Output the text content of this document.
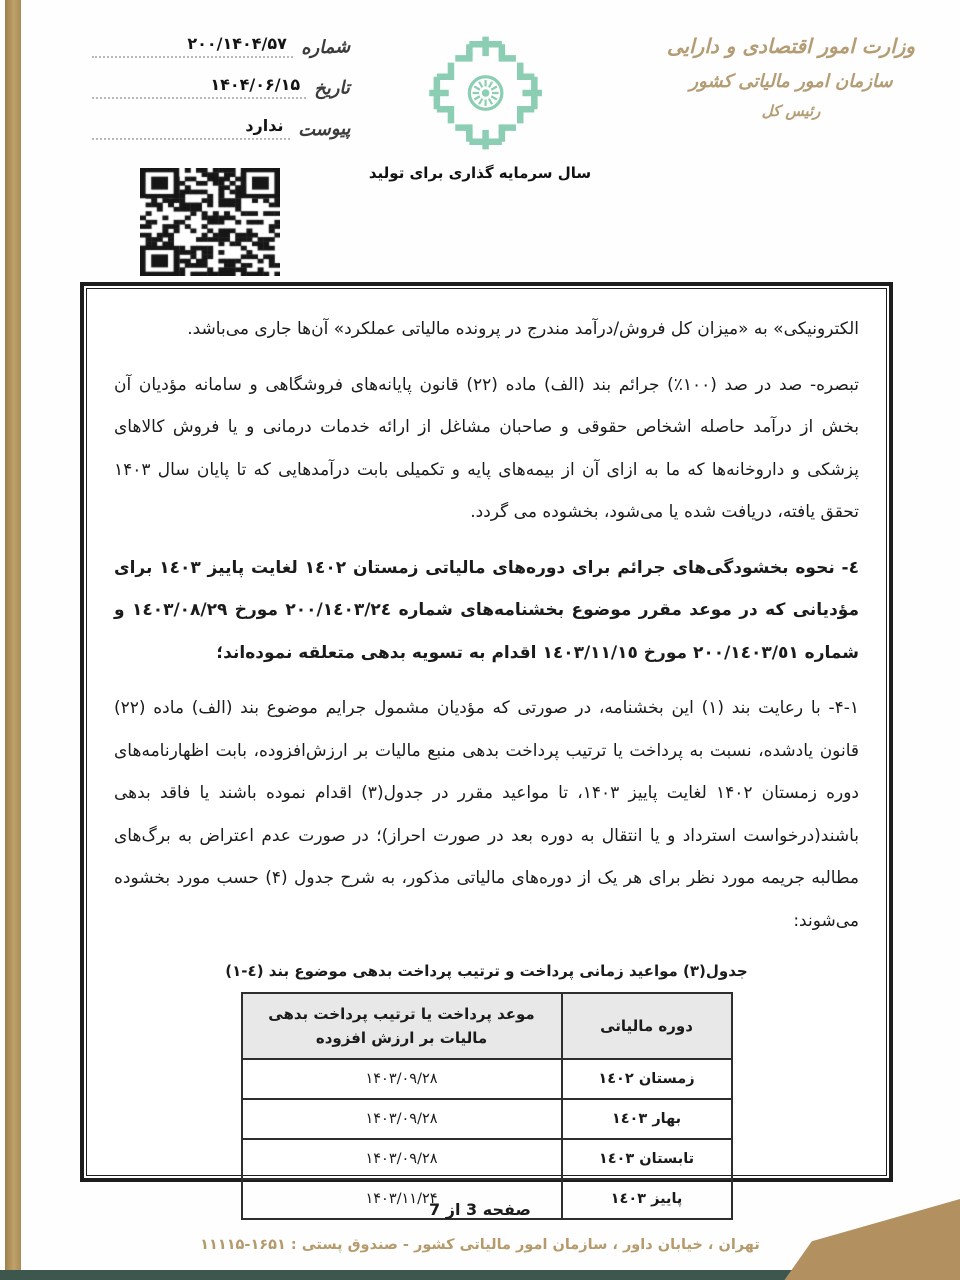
شماره
۲۰۰/۱۴۰۴/۵۷
تاریخ
۱۴۰۴/۰۶/۱۵
پیوست
ندارد
وزارت امور اقتصادی و دارایی
سازمان امور مالیاتی کشور
رئیس کل
سال سرمایه گذاری برای تولید

الکترونیکی» به «میزان کل فروش/درآمد مندرج در پرونده مالیاتی عملکرد» آن‌ها جاری می‌باشد.

تبصره- صد در صد (۱۰۰٪) جرائم بند (الف) ماده (۲۲) قانون پایانه‌های فروشگاهی و سامانه مؤدیان آن بخش از درآمد حاصله اشخاص حقوقی و صاحبان مشاغل از ارائه خدمات درمانی و یا فروش کالاهای پزشکی و داروخانه‌ها که ما به ازای آن از بیمه‌های پایه و تکمیلی بابت درآمدهایی که تا پایان سال ۱۴۰۳ تحقق یافته، دریافت شده یا می‌شود، بخشوده می گردد.

٤- نحوه بخشودگی‌های جرائم برای دوره‌های مالیاتی زمستان ١٤٠٢ لغایت پاییز ١٤٠٣ برای مؤدیانی که در موعد مقرر موضوع بخشنامه‌های شماره ٢٠٠/١٤٠٣/٢٤ مورخ ١٤٠٣/٠٨/٢٩ و شماره ٢٠٠/١٤٠٣/٥١ مورخ ١٤٠٣/١١/١٥ اقدام به تسویه بدهی متعلقه نموده‌اند؛

۴-۱- با رعایت بند (۱) این بخشنامه، در صورتی که مؤدیان مشمول جرایم موضوع بند (الف) ماده (۲۲) قانون یادشده، نسبت به پرداخت یا ترتیب پرداخت بدهی منبع مالیات بر ارزش‌افزوده، بابت اظهارنامه‌های دوره زمستان ۱۴۰۲ لغایت پاییز ۱۴۰۳، تا مواعید مقرر در جدول(۳) اقدام نموده باشند یا فاقد بدهی باشند(درخواست استرداد و یا انتقال به دوره بعد در صورت احراز)؛ در صورت عدم اعتراض به برگ‌های مطالبه جریمه مورد نظر برای هر یک از دوره‌های مالیاتی مذکور، به شرح جدول (۴) حسب مورد بخشوده می‌شوند:

جدول(۳) مواعید زمانی پرداخت و ترتیب پرداخت بدهی موضوع بند (٤-١)
دوره مالیاتی	موعد پرداخت یا ترتیب پرداخت بدهی مالیات بر ارزش افزوده
زمستان ١٤٠٢	۱۴۰۳/۰۹/۲۸
بهار ١٤٠٣	۱۴۰۳/۰۹/۲۸
تابستان ١٤٠٣	۱۴۰۳/۰۹/۲۸
پاییز ١٤٠٣	۱۴۰۳/۱۱/۲۴
صفحه 3 از 7
تهران ، خیابان داور ، سازمان امور مالیاتی کشور - صندوق پستی : ۱۶۵۱-۱۱۱۱۵
